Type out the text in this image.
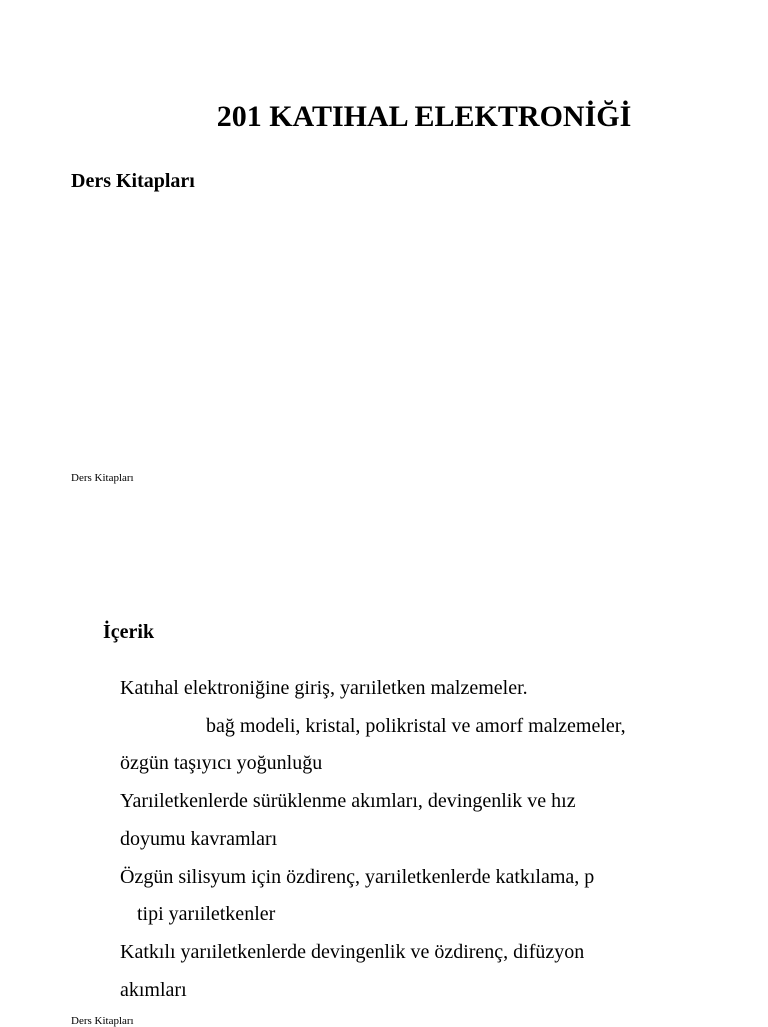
201 KATIHAL ELEKTRONİĞİ
Ders Kitapları
Ders Kitapları
İçerik
Katıhal elektroniğine giriş, yarıiletken malzemeler.
bağ modeli, kristal, polikristal ve amorf malzemeler,
özgün taşıyıcı yoğunluğu
Yarıiletkenlerde sürüklenme akımları, devingenlik ve hız
doyumu kavramları
Özgün silisyum için özdirenç, yarıiletkenlerde katkılama, p
tipi yarıiletkenler
Katkılı yarıiletkenlerde devingenlik ve özdirenç, difüzyon
akımları
Ders Kitapları
